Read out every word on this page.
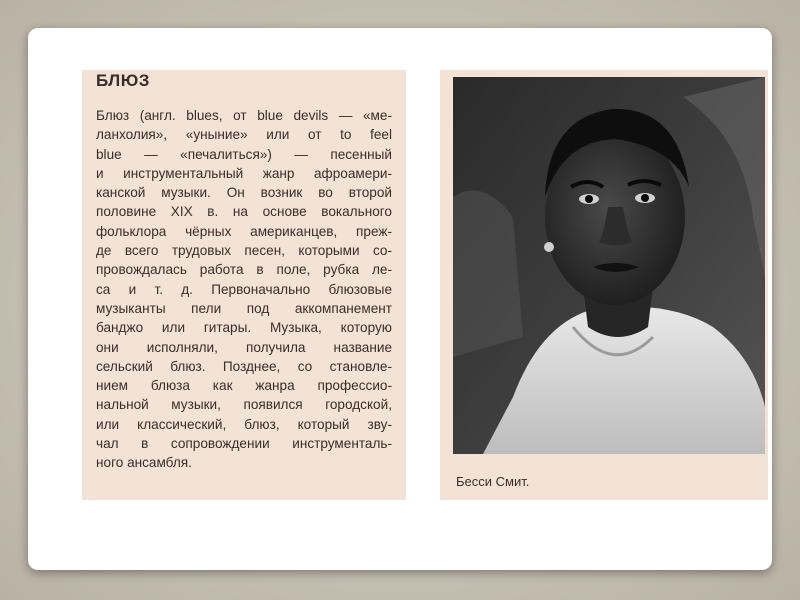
БЛЮЗ

Блюз (англ. blues, от blue devils — «ме-
ланхолия», «уныние» или от to feel
blue — «печалиться») — песенный
и инструментальный жанр афроамери-
канской музыки. Он возник во второй
половине XIX в. на основе вокального
фольклора чёрных американцев, преж-
де всего трудовых песен, которыми со-
провождалась работа в поле, рубка ле-
са и т. д. Первоначально блюзовые
музыканты пели под аккомпанемент
банджо или гитары. Музыка, которую
они исполняли, получила название
сельский блюз. Позднее, со становле-
нием блюза как жанра профессио-
нальной музыки, появился городской,
или классический, блюз, который зву-
чал в сопровождении инструменталь-
ного ансамбля.

Бесси Смит.
